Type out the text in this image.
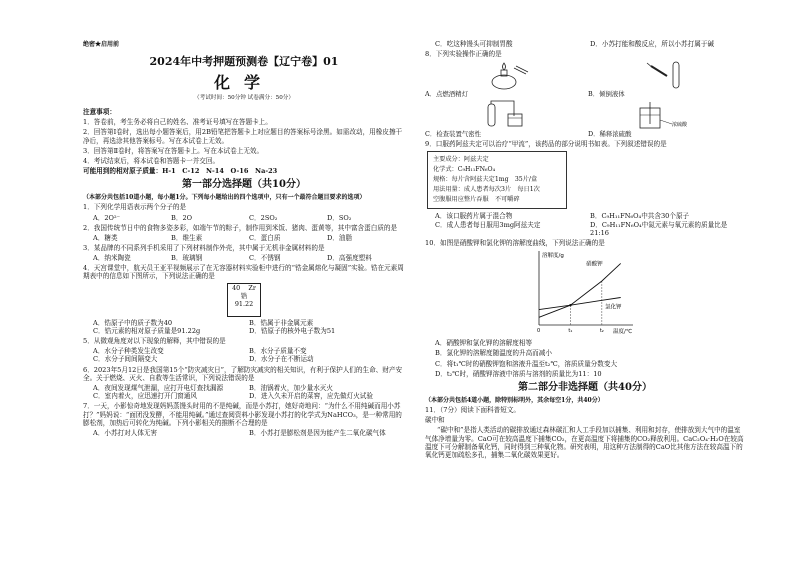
绝密★启用前
2024年中考押题预测卷【辽宁卷】01
化学
（考试时间：50分钟 试卷满分：50分）
注意事项：
1．答卷前，考生务必将自己的姓名、准考证号填写在答题卡上。
2．回答第Ⅰ卷时，选出每小题答案后，用2B铅笔把答题卡上对应题目的答案标号涂黑。如需改动，用橡皮擦干净后，再选涂其他答案标号。写在本试卷上无效。
3．回答第Ⅱ卷时，将答案写在答题卡上。写在本试卷上无效。
4．考试结束后，将本试卷和答题卡一并交回。
可能用到的相对原子质量：H-1　C-12　N-14　O-16　Na-23
第一部分选择题（共10分）
（本部分共包括10道小题，每小题1分。下列每小题给出的四个选项中，只有一个最符合题目要求的选项）
1．下列化学用语表示两个分子的是
A．2O²⁻	B．2O	C．2SO₂	D．SO₂
2．我国传统节日中的食物多姿多彩，如端午节的粽子，制作用到米饭、猪肉、蛋黄等，其中富含蛋白质的是
A．糖类	B．维生素	C．蛋白质	D．油脂
3．某品牌的不同系列手机采用了下列材料制作外壳，其中属于无机非金属材料的是
A．纳米陶瓷	B．玻璃钢	C．不锈钢	D．高强度塑料
4．天宫课堂中，航天员王亚平视频展示了在无容器材料实验柜中进行的“锆金属熔化与凝固”实验。锆在元素周期表中的信息如下图所示，下列说法正确的是
40 Zr
锆
91.22
A．锆原子中的质子数为40	B．锆属于非金属元素
C．锆元素的相对原子质量是91.22g	D．锆原子的核外电子数为51
5．从微观角度对以下现象的解释，其中错误的是
A．水分子种类发生改变	B．水分子质量不变
C．水分子间间隔变大	D．水分子在不断运动
6．2023年5月12日是我国第15个“防灾减灾日”，了解防灾减灾的相关知识，有利于保护人们的生命、财产安全。关于燃烧、灭火、自救等生活常识，下列说法错误的是
A．夜间发现煤气泄漏，应打开电灯查找漏源	B．油锅着火，加少量水灭火
C．室内着火，应迅速打开门窗通风	D．进入久未开启的菜窖，应先做灯火试验
7．一天，小影惊奇地发现妈妈蒸馒头时用的不是纯碱，而是小苏打，她好奇地问：“为什么不用纯碱而用小苏打？”妈妈说：“面团没发酵，不能用纯碱。”通过查阅资料小影发现小苏打的化学式为NaHCO₃，是一种常用的膨松剂，加热后可转化为纯碱。下列小影相关的推断不合理的是
A．小苏打对人体无害	B．小苏打是膨松剂是因为能产生二氧化碳气体
C．吃这种馒头可抑制胃酸	D．小苏打能和酸反应，所以小苏打属于碱
8．下列实验操作正确的是
A．点燃酒精灯	B．倾倒液体
C．检查装置气密性
浓硫酸
D．稀释浓硫酸
9．口服药阿兹夫定可以治疗“甲流”，该药品的部分说明书如表。下列叙述错误的是
主要成分：阿兹夫定
化学式：C₉H₁₁FN₆O₄
规格：每片含阿兹夫定1mg　35片/盒
用法用量：成人患者每次3片　每日1次
空腹服用应整片吞服　不可嚼碎
A．该口服药片属于混合物	B．C₉H₁₁FN₆O₄中共含30个原子
C．成人患者每日服用3mg阿兹夫定	D．C₉H₁₁FN₆O₄中氮元素与氧元素的质量比是21:16
10．如图是硝酸钾和氯化钾的溶解度曲线，下列说法正确的是
溶解度/g
温度/℃
0	t₁	t₂
硝酸钾
氯化钾
A．硝酸钾和氯化钾的溶解度相等
B．氯化钾的溶解度随温度的升高而减小
C．将t₁℃时的硝酸钾饱和溶液升温至t₂℃，溶质质量分数变大
D．t₂℃时，硝酸钾溶液中溶质与溶剂的质量比为11：10
第二部分非选择题（共40分）
（本部分共包括4道小题，除特别标明外，其余每空1分，共40分）
11．（7分）阅读下面科普短文。
碳中和
“碳中和”是指人类活动的碳排放通过森林碳汇和人工手段加以捕集、利用和封存，使排放到大气中的温室气体净增量为零。CaO可在较高温度下捕集CO₂，在更高温度下将捕集的CO₂释放利用。CaC₂O₄·H₂O在较高温度下可分解制备氧化钙，同时得到三种氧化物。研究表明，用这种方法制得的CaO比其他方法在较高温下的氧化钙更加疏松多孔，捕集二氧化碳效果更好。
